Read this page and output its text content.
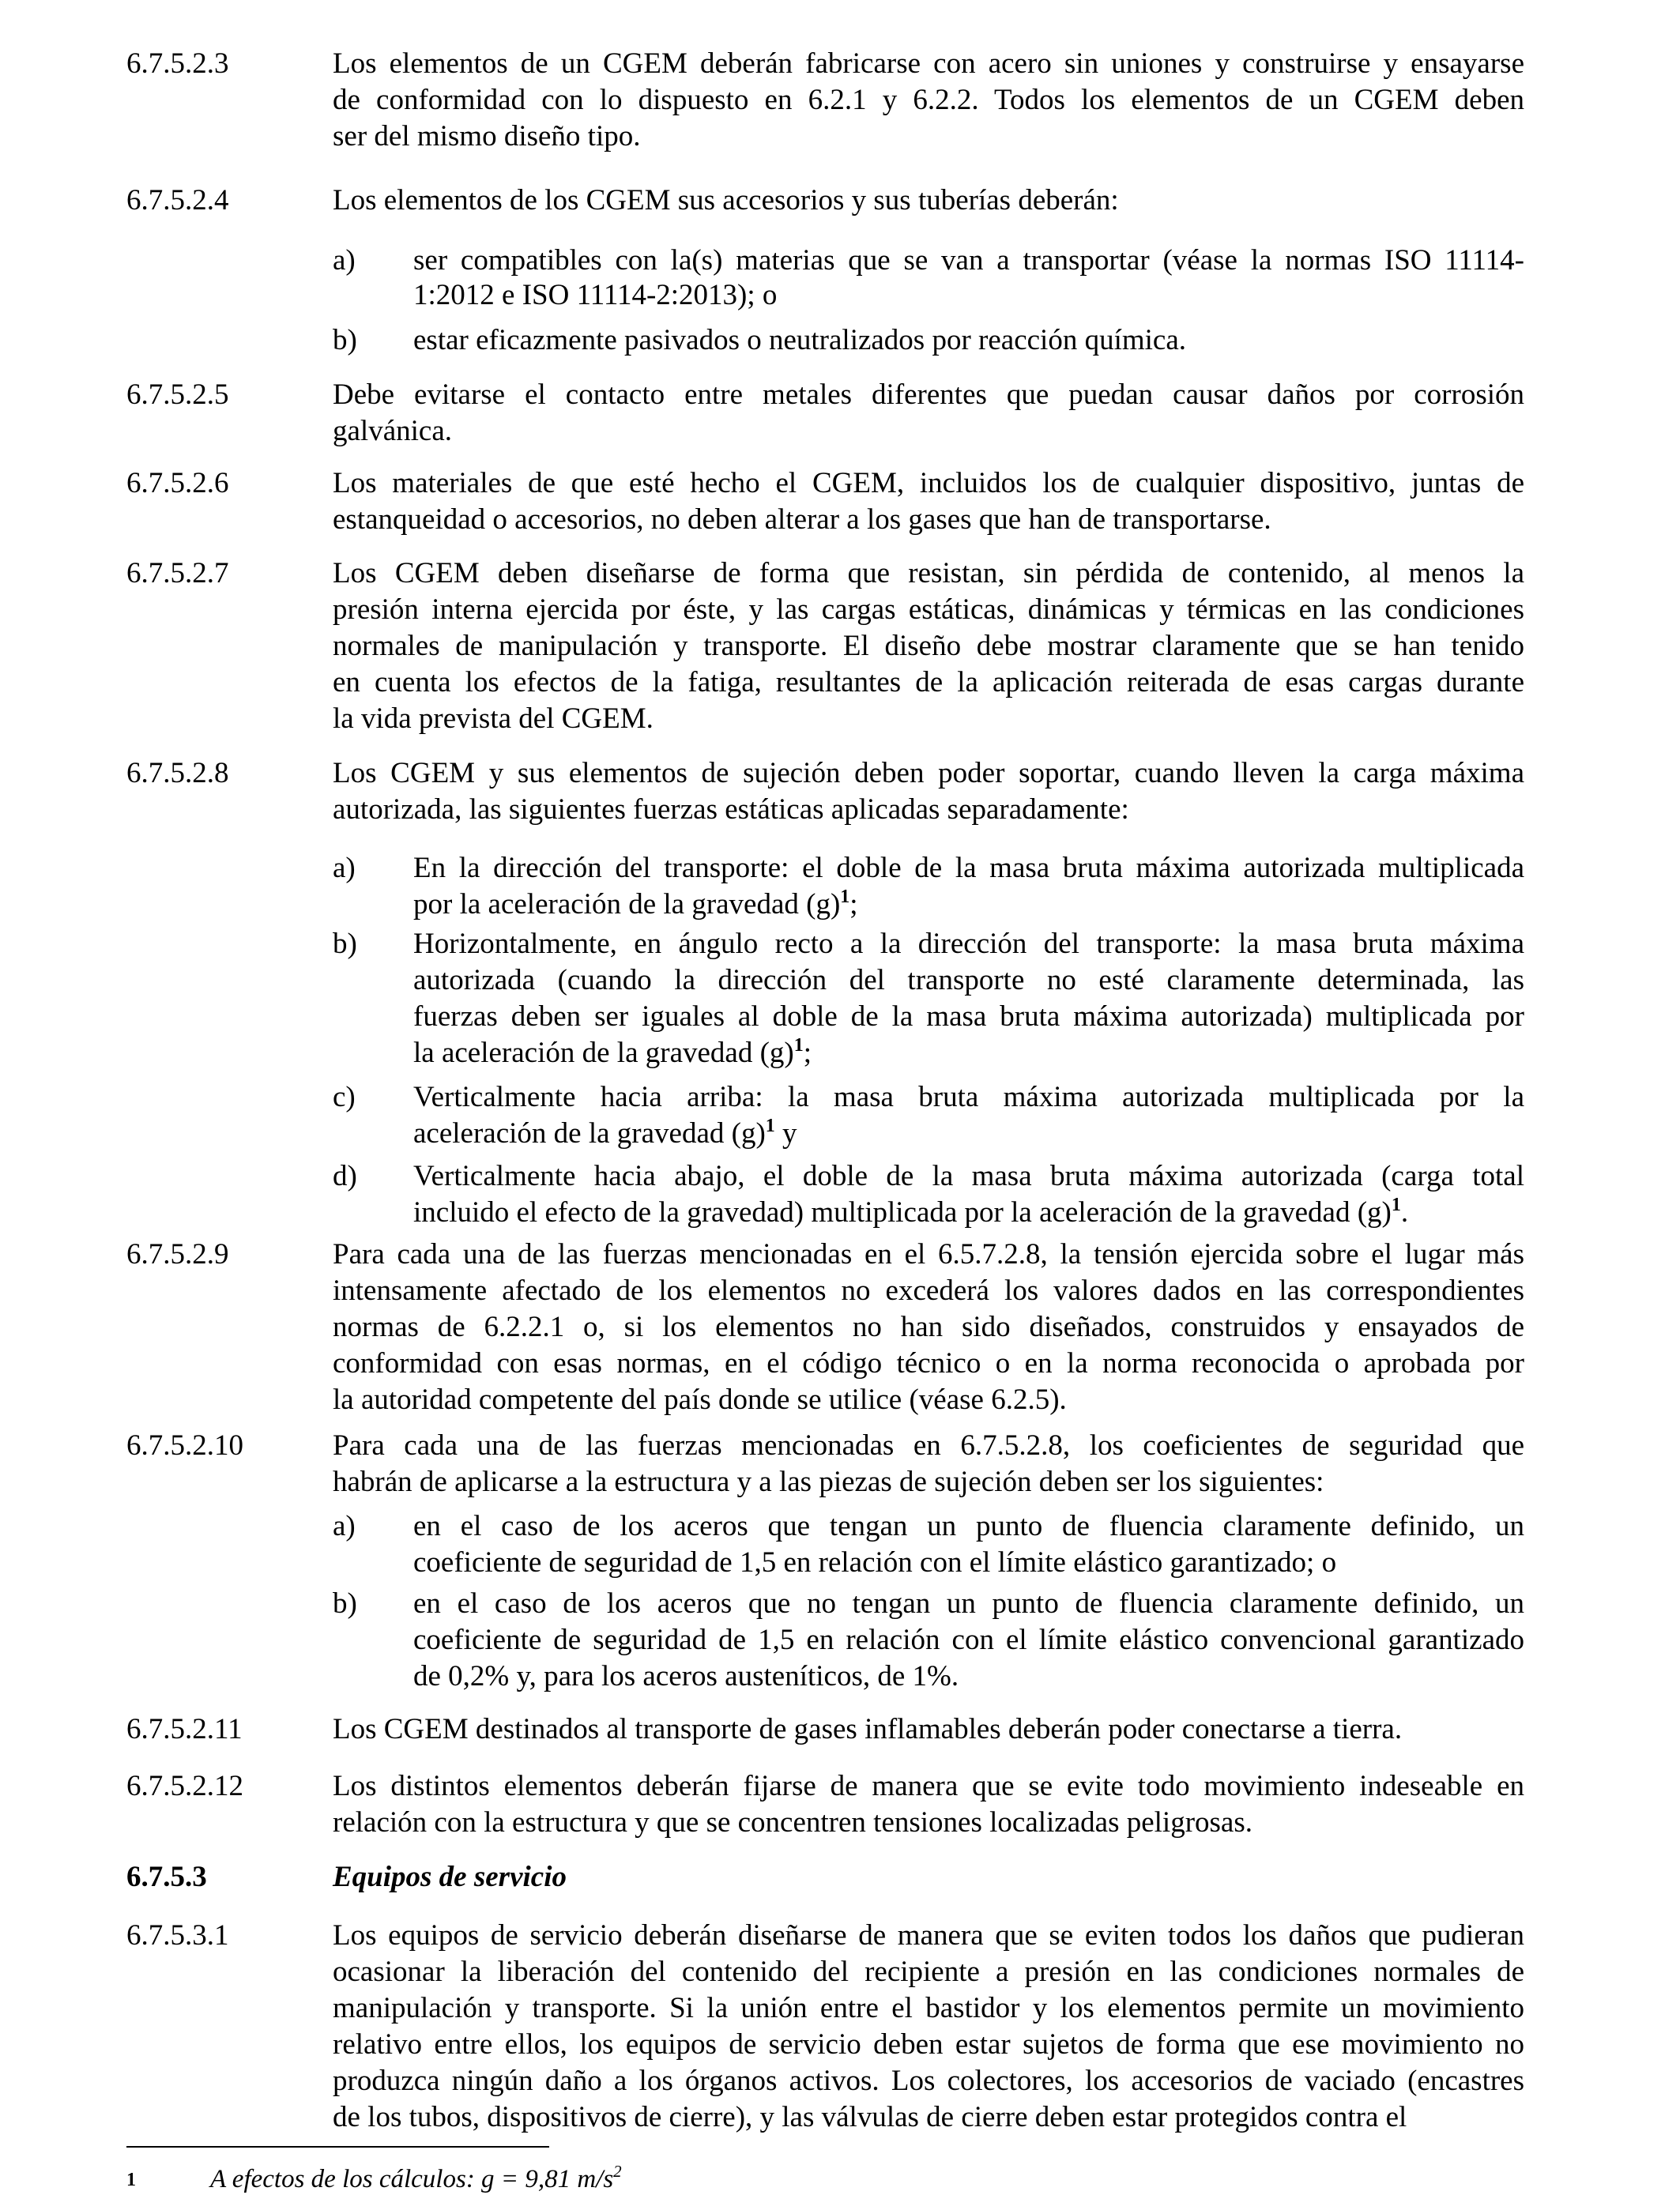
6.7.5.2.3	Los elementos de un CGEM deberán fabricarse con acero sin uniones y construirse y ensayarse
de conformidad con lo dispuesto en 6.2.1 y 6.2.2. Todos los elementos de un CGEM deben
ser del mismo diseño tipo.
6.7.5.2.4	Los elementos de los CGEM sus accesorios y sus tuberías deberán:
a) ser compatibles con la(s) materias que se van a transportar (véase la normas ISO 11114-
1:2012 e ISO 11114-2:2013); o
b) estar eficazmente pasivados o neutralizados por reacción química.
6.7.5.2.5	Debe evitarse el contacto entre metales diferentes que puedan causar daños por corrosión
galvánica.
6.7.5.2.6	Los materiales de que esté hecho el CGEM, incluidos los de cualquier dispositivo, juntas de
estanqueidad o accesorios, no deben alterar a los gases que han de transportarse.
6.7.5.2.7	Los CGEM deben diseñarse de forma que resistan, sin pérdida de contenido, al menos la
presión interna ejercida por éste, y las cargas estáticas, dinámicas y térmicas en las condiciones
normales de manipulación y transporte. El diseño debe mostrar claramente que se han tenido
en cuenta los efectos de la fatiga, resultantes de la aplicación reiterada de esas cargas durante
la vida prevista del CGEM.
6.7.5.2.8	Los CGEM y sus elementos de sujeción deben poder soportar, cuando lleven la carga máxima
autorizada, las siguientes fuerzas estáticas aplicadas separadamente:
a) En la dirección del transporte: el doble de la masa bruta máxima autorizada multiplicada
por la aceleración de la gravedad $(g)^1$;
b) Horizontalmente, en ángulo recto a la dirección del transporte: la masa bruta máxima
autorizada (cuando la dirección del transporte no esté claramente determinada, las
fuerzas deben ser iguales al doble de la masa bruta máxima autorizada) multiplicada por
la aceleración de la gravedad $(g)^1$;
c) Verticalmente hacia arriba: la masa bruta máxima autorizada multiplicada por la
aceleración de la gravedad $(g)^1$ y
d) Verticalmente hacia abajo, el doble de la masa bruta máxima autorizada (carga total
incluido el efecto de la gravedad) multiplicada por la aceleración de la gravedad $(g)^1$.
6.7.5.2.9	Para cada una de las fuerzas mencionadas en el 6.5.7.2.8, la tensión ejercida sobre el lugar más
intensamente afectado de los elementos no excederá los valores dados en las correspondientes
normas de 6.2.2.1 o, si los elementos no han sido diseñados, construidos y ensayados de
conformidad con esas normas, en el código técnico o en la norma reconocida o aprobada por
la autoridad competente del país donde se utilice (véase 6.2.5).
6.7.5.2.10	Para cada una de las fuerzas mencionadas en 6.7.5.2.8, los coeficientes de seguridad que
habrán de aplicarse a la estructura y a las piezas de sujeción deben ser los siguientes:
a) en el caso de los aceros que tengan un punto de fluencia claramente definido, un
coeficiente de seguridad de 1,5 en relación con el límite elástico garantizado; o
b) en el caso de los aceros que no tengan un punto de fluencia claramente definido, un
coeficiente de seguridad de 1,5 en relación con el límite elástico convencional garantizado
de 0,2% y, para los aceros austeníticos, de 1%.
6.7.5.2.11	Los CGEM destinados al transporte de gases inflamables deberán poder conectarse a tierra.
6.7.5.2.12	Los distintos elementos deberán fijarse de manera que se evite todo movimiento indeseable en
relación con la estructura y que se concentren tensiones localizadas peligrosas.
6.7.5.3	Equipos de servicio
6.7.5.3.1	Los equipos de servicio deberán diseñarse de manera que se eviten todos los daños que pudieran
ocasionar la liberación del contenido del recipiente a presión en las condiciones normales de
manipulación y transporte. Si la unión entre el bastidor y los elementos permite un movimiento
relativo entre ellos, los equipos de servicio deben estar sujetos de forma que ese movimiento no
produzca ningún daño a los órganos activos. Los colectores, los accesorios de vaciado (encastres
de los tubos, dispositivos de cierre), y las válvulas de cierre deben estar protegidos contra el
1	A efectos de los cálculos: g = 9,81 $m/s^2$
